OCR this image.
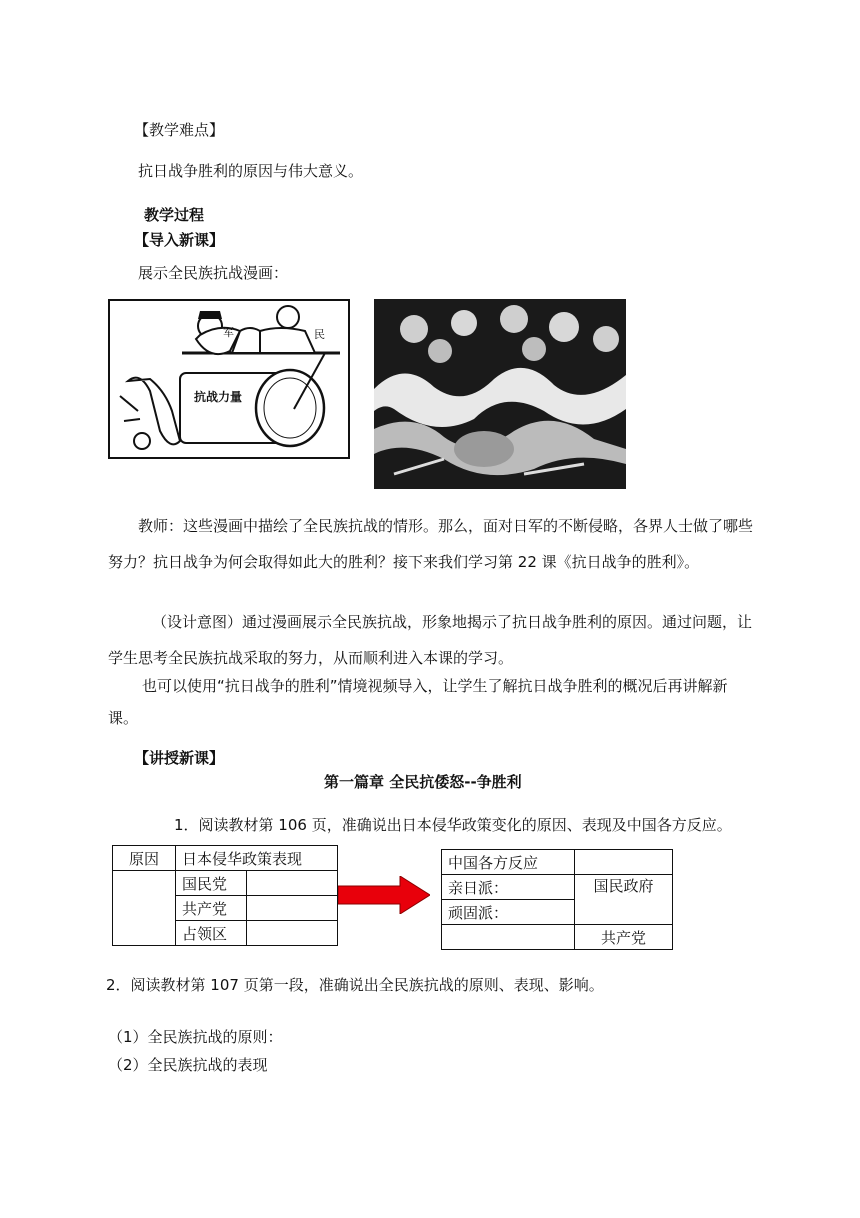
【教学难点】
抗日战争胜利的原因与伟大意义。
教学过程
【导入新课】
展示全民族抗战漫画：
军	民
抗战力量
教师：这些漫画中描绘了全民族抗战的情形。那么，面对日军的不断侵略，各界人士做了哪些努力？抗日战争为何会取得如此大的胜利？接下来我们学习第 22 课《抗日战争的胜利》。
（设计意图）通过漫画展示全民族抗战，形象地揭示了抗日战争胜利的原因。通过问题，让学生思考全民族抗战采取的努力，从而顺利进入本课的学习。
也可以使用“抗日战争的胜利”情境视频导入，让学生了解抗日战争胜利的概况后再讲解新课。
【讲授新课】
第一篇章 全民抗倭怒--争胜利
1．阅读教材第 106 页，准确说出日本侵华政策变化的原因、表现及中国各方反应。
原因	日本侵华政策表现	
	国民党	
	共产党	
	占领区	
中国各方反应	
亲日派：	国民政府
顽固派：	
	共产党
2．阅读教材第 107 页第一段，准确说出全民族抗战的原则、表现、影响。
（1）全民族抗战的原则：
（2）全民族抗战的表现
